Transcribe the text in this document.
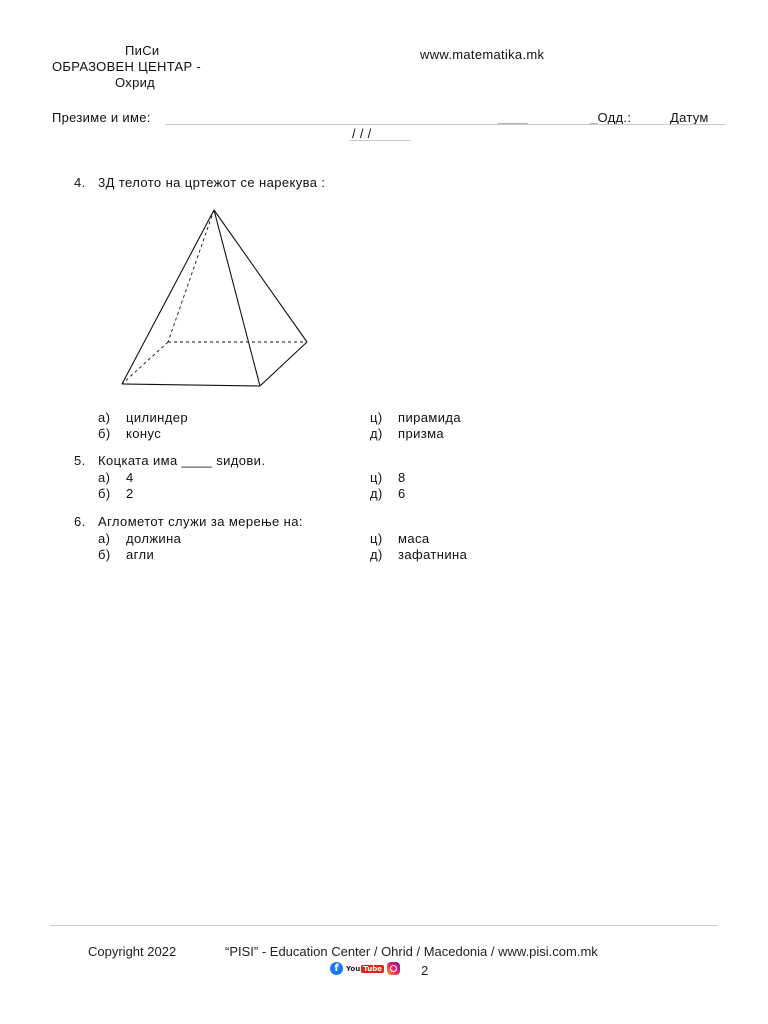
ПиСи
ОБРАЗОВЕН ЦЕНТАР -
Охрид
www.matematika.mk
Презиме и име:	____	_Одд.:	Датум
/ / /
4. 3Д телото на цртежот се нарекува :
а) цилиндер	ц) пирамида
б) конус	д) призма
5. Коцката има ____ ѕидови.
а) 4	ц) 8
б) 2	д) 6
6. Аглометот служи за мерење на:
а) должина	ц) маса
б) агли	д) зафатнина
Copyright 2022	“PISI” - Education Center / Ohrid / Macedonia / www.pisi.com.mk
f	You Tube	2
